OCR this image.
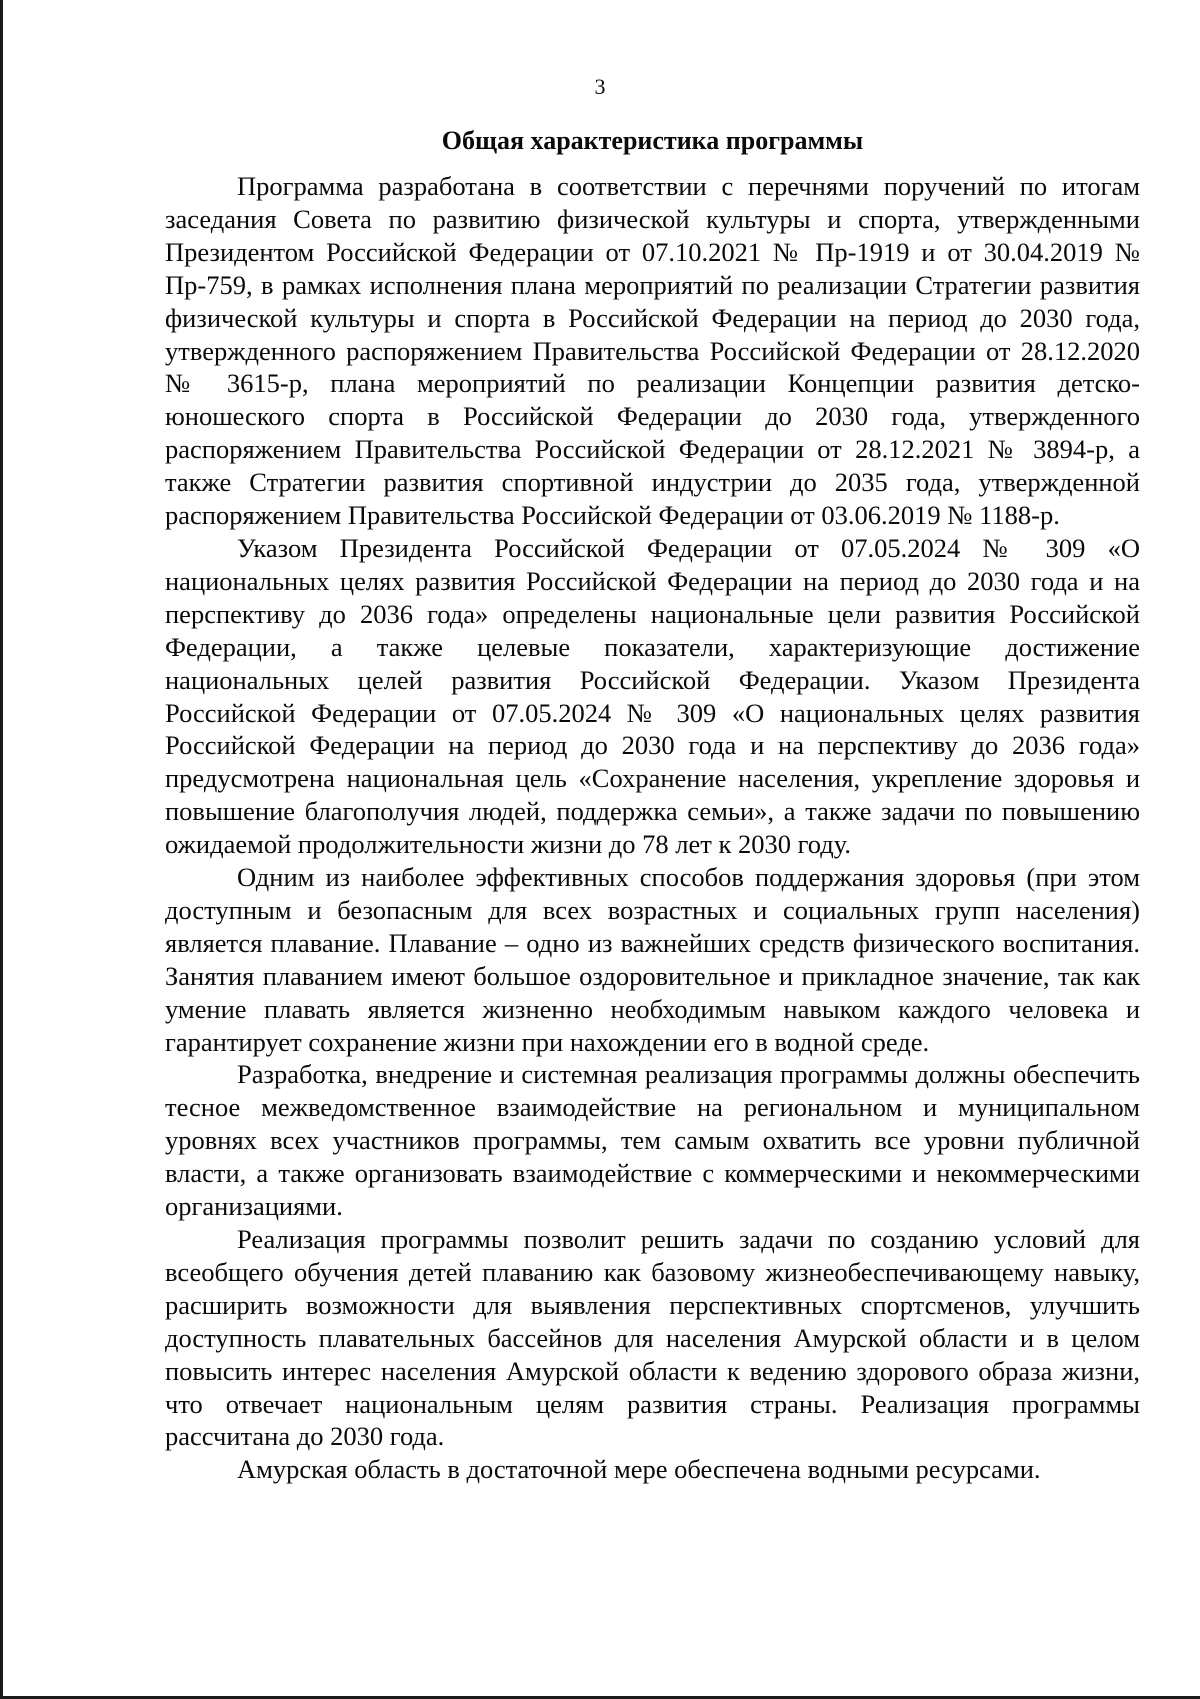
3
Общая характеристика программы

Программа разработана в соответствии с перечнями поручений по итогам заседания Совета по развитию физической культуры и спорта, утвержденными Президентом Российской Федерации от 07.10.2021 № Пр-1919 и от 30.04.2019 № Пр-759, в рамках исполнения плана мероприятий по реализации Стратегии развития физической культуры и спорта в Российской Федерации на период до 2030 года, утвержденного распоряжением Правительства Российской Федерации от 28.12.2020 № 3615-р, плана мероприятий по реализации Концепции развития детско-юношеского спорта в Российской Федерации до 2030 года, утвержденного распоряжением Правительства Российской Федерации от 28.12.2021 № 3894-р, а также Стратегии развития спортивной индустрии до 2035 года, утвержденной распоряжением Правительства Российской Федерации от 03.06.2019 № 1188-р.

Указом Президента Российской Федерации от 07.05.2024 № 309 «О национальных целях развития Российской Федерации на период до 2030 года и на перспективу до 2036 года» определены национальные цели развития Российской Федерации, а также целевые показатели, характеризующие достижение национальных целей развития Российской Федерации. Указом Президента Российской Федерации от 07.05.2024 № 309 «О национальных целях развития Российской Федерации на период до 2030 года и на перспективу до 2036 года» предусмотрена национальная цель «Сохранение населения, укрепление здоровья и повышение благополучия людей, поддержка семьи», а также задачи по повышению ожидаемой продолжительности жизни до 78 лет к 2030 году.

Одним из наиболее эффективных способов поддержания здоровья (при этом доступным и безопасным для всех возрастных и социальных групп населения) является плавание. Плавание – одно из важнейших средств физического воспитания. Занятия плаванием имеют большое оздоровительное и прикладное значение, так как умение плавать является жизненно необходимым навыком каждого человека и гарантирует сохранение жизни при нахождении его в водной среде.

Разработка, внедрение и системная реализация программы должны обеспечить тесное межведомственное взаимодействие на региональном и муниципальном уровнях всех участников программы, тем самым охватить все уровни публичной власти, а также организовать взаимодействие с коммерческими и некоммерческими организациями.

Реализация программы позволит решить задачи по созданию условий для всеобщего обучения детей плаванию как базовому жизнеобеспечивающему навыку, расширить возможности для выявления перспективных спортсменов, улучшить доступность плавательных бассейнов для населения Амурской области и в целом повысить интерес населения Амурской области к ведению здорового образа жизни, что отвечает национальным целям развития страны. Реализация программы рассчитана до 2030 года.

Амурская область в достаточной мере обеспечена водными ресурсами.
